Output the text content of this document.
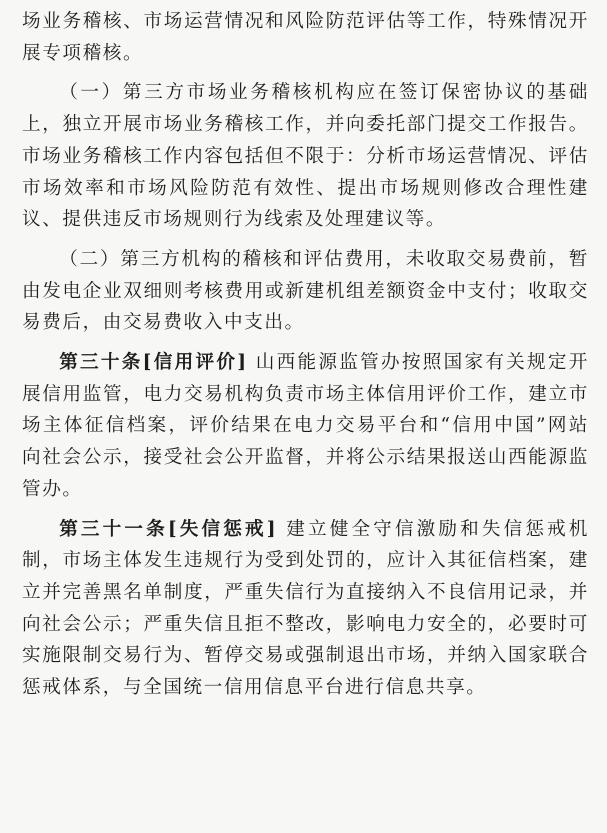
场业务稽核、市场运营情况和风险防范评估等工作，特殊情况开展专项稽核。

（一）第三方市场业务稽核机构应在签订保密协议的基础上，独立开展市场业务稽核工作，并向委托部门提交工作报告。市场业务稽核工作内容包括但不限于：分析市场运营情况、评估市场效率和市场风险防范有效性、提出市场规则修改合理性建议、提供违反市场规则行为线索及处理建议等。

（二）第三方机构的稽核和评估费用，未收取交易费前，暂由发电企业双细则考核费用或新建机组差额资金中支付；收取交易费后，由交易费收入中支出。

第三十条[信用评价] 山西能源监管办按照国家有关规定开展信用监管，电力交易机构负责市场主体信用评价工作，建立市场主体征信档案，评价结果在电力交易平台和“信用中国”网站向社会公示，接受社会公开监督，并将公示结果报送山西能源监管办。

第三十一条[失信惩戒] 建立健全守信激励和失信惩戒机制，市场主体发生违规行为受到处罚的，应计入其征信档案，建立并完善黑名单制度，严重失信行为直接纳入不良信用记录，并向社会公示；严重失信且拒不整改，影响电力安全的，必要时可实施限制交易行为、暂停交易或强制退出市场，并纳入国家联合惩戒体系，与全国统一信用信息平台进行信息共享。
